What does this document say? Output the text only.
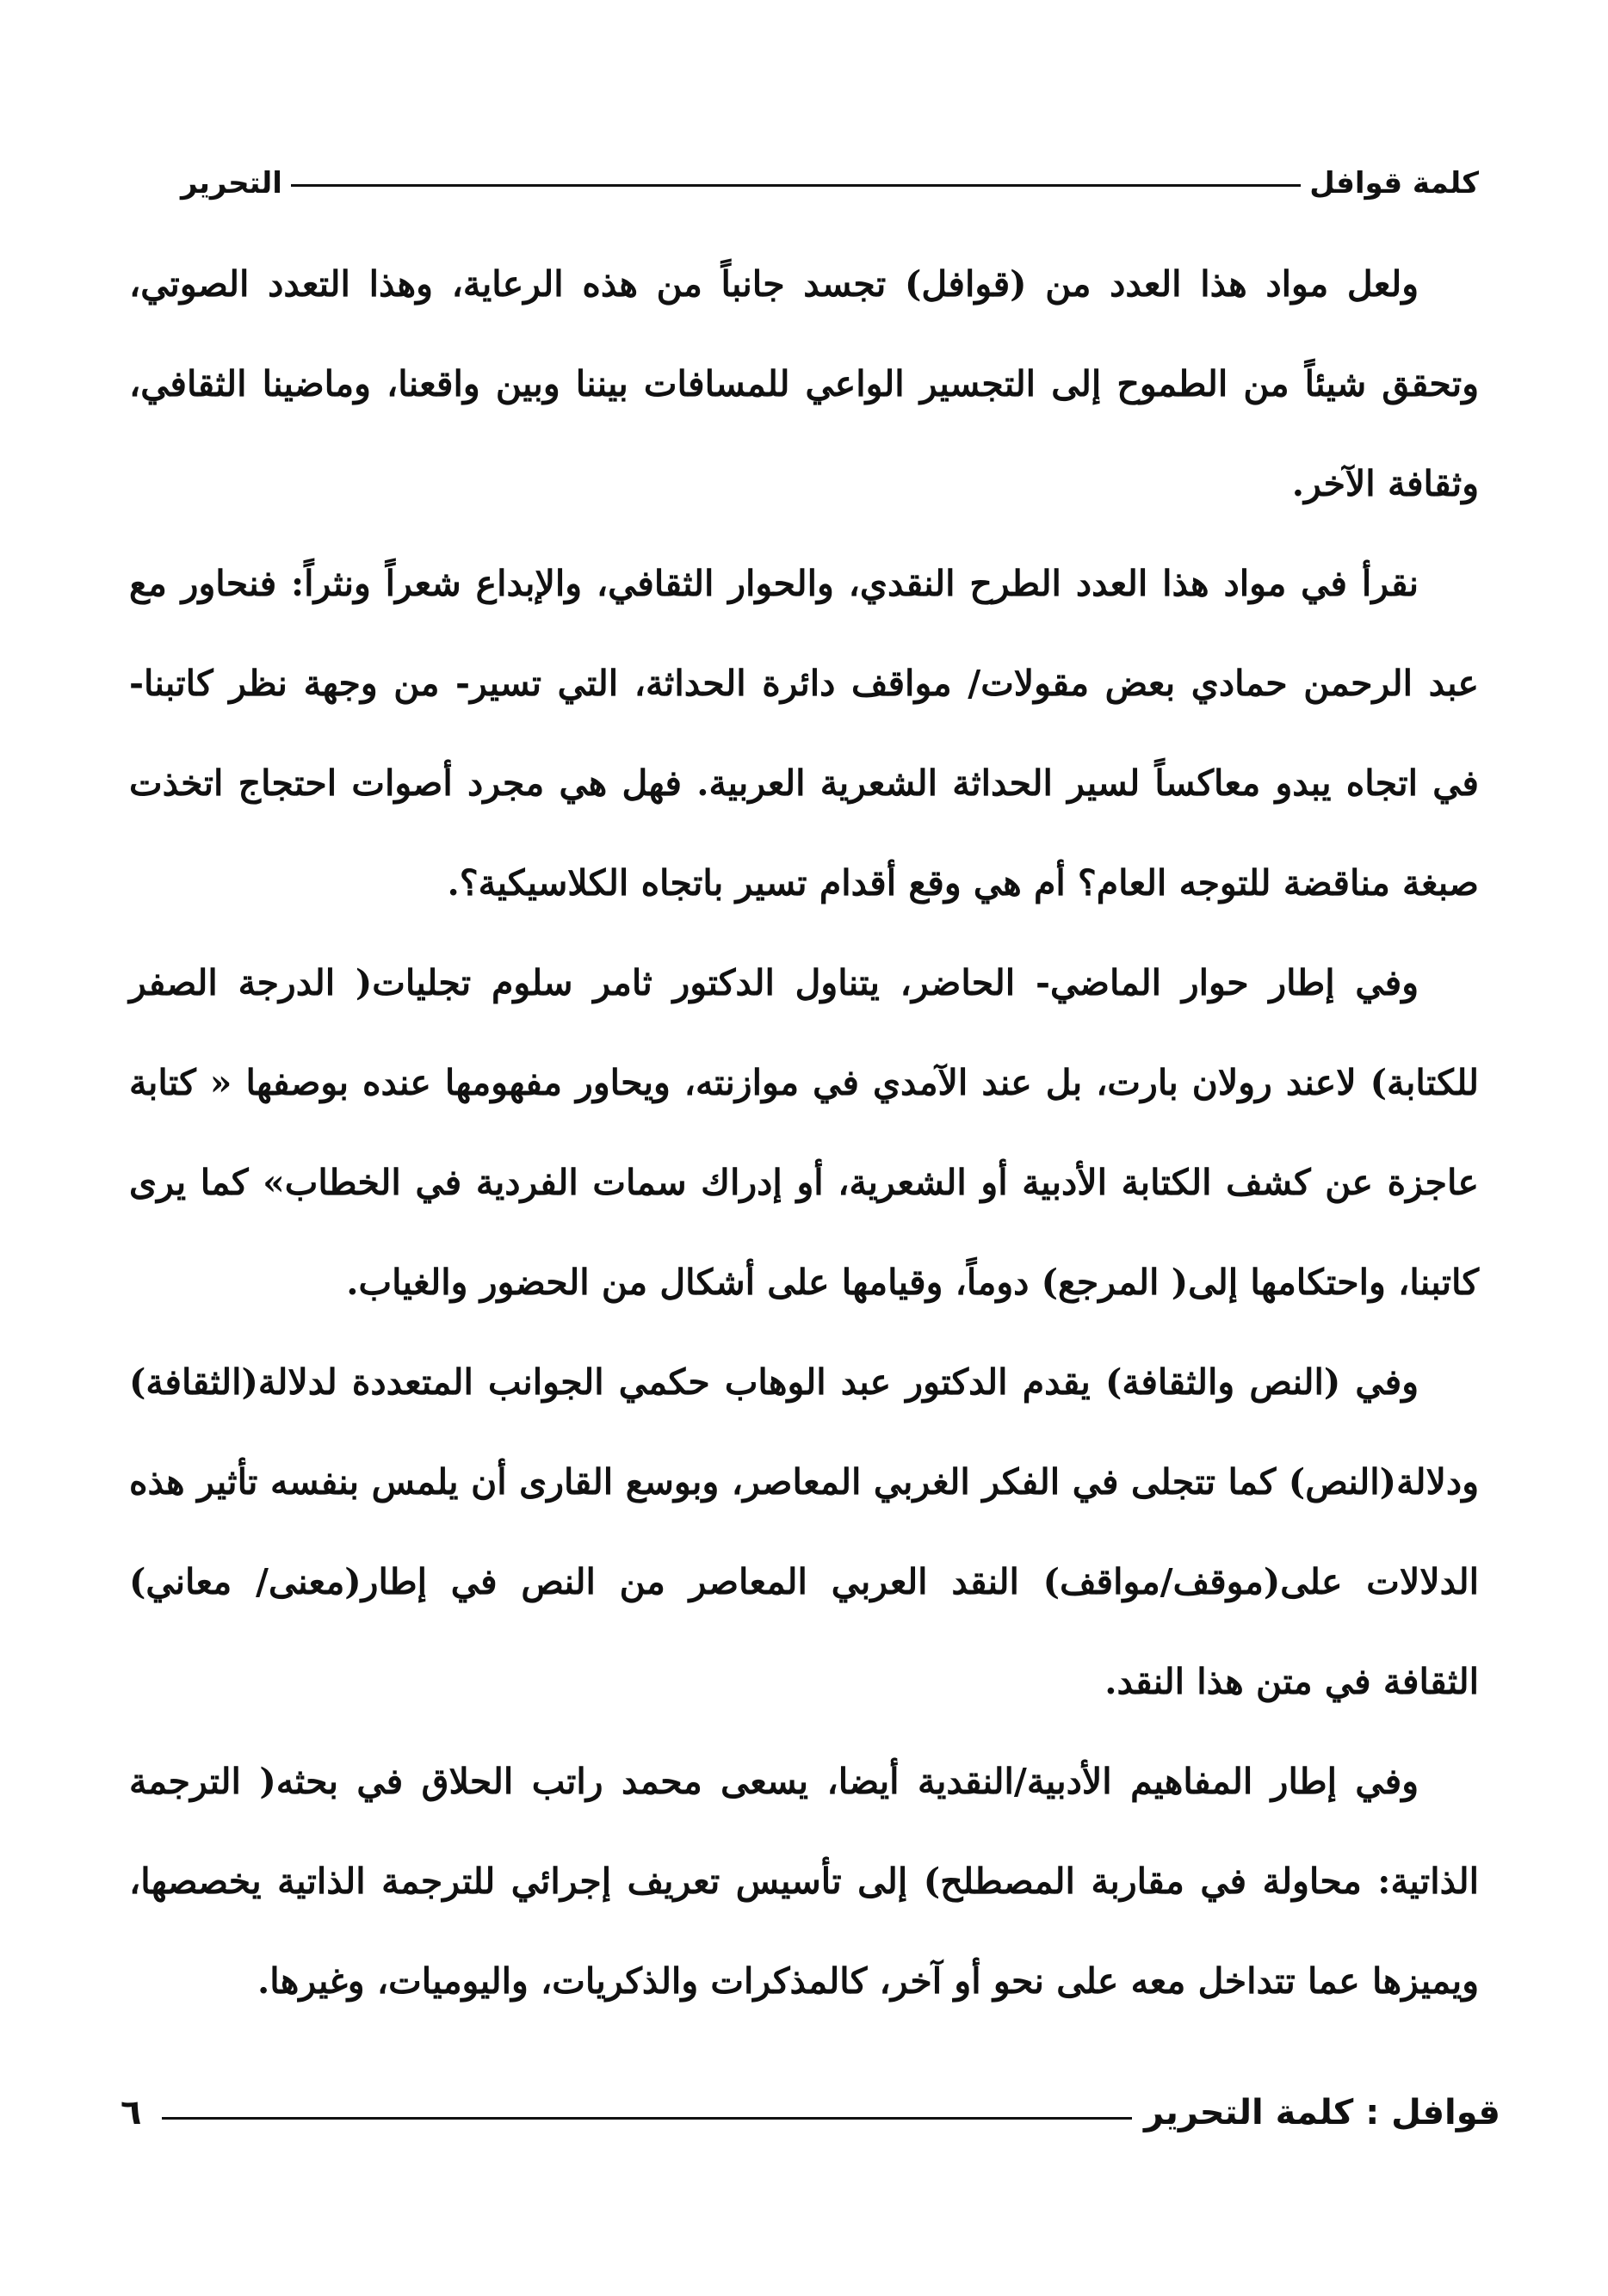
كلمة قوافل
التحرير

ولعل مواد هذا العدد من (قوافل) تجسد جانباً من هذه الرعاية، وهذا التعدد الصوتي، وتحقق شيئاً من الطموح إلى التجسير الواعي للمسافات بيننا وبين واقعنا، وماضينا الثقافي، وثقافة الآخر.

نقرأ في مواد هذا العدد الطرح النقدي، والحوار الثقافي، والإبداع شعراً ونثراً: فنحاور مع عبد الرحمن حمادي بعض مقولات/ مواقف دائرة الحداثة، التي تسير- من وجهة نظر كاتبنا- في اتجاه يبدو معاكساً لسير الحداثة الشعرية العربية. فهل هي مجرد أصوات احتجاج اتخذت صبغة مناقضة للتوجه العام؟ أم هي وقع أقدام تسير باتجاه الكلاسيكية؟.

وفي إطار حوار الماضي- الحاضر، يتناول الدكتور ثامر سلوم تجليات( الدرجة الصفر للكتابة) لاعند رولان بارت، بل عند الآمدي في موازنته، ويحاور مفهومها عنده بوصفها « كتابة عاجزة عن كشف الكتابة الأدبية أو الشعرية، أو إدراك سمات الفردية في الخطاب» كما يرى كاتبنا، واحتكامها إلى( المرجع) دوماً، وقيامها على أشكال من الحضور والغياب.

وفي (النص والثقافة) يقدم الدكتور عبد الوهاب حكمي الجوانب المتعددة لدلالة(الثقافة) ودلالة(النص) كما تتجلى في الفكر الغربي المعاصر، وبوسع القارى أن يلمس بنفسه تأثير هذه الدلالات على(موقف/مواقف) النقد العربي المعاصر من النص في إطار(معنى/ معاني) الثقافة في متن هذا النقد.

وفي إطار المفاهيم الأدبية/النقدية أيضا، يسعى محمد راتب الحلاق في بحثه( الترجمة الذاتية: محاولة في مقاربة المصطلح) إلى تأسيس تعريف إجرائي للترجمة الذاتية يخصصها، ويميزها عما تتداخل معه على نحو أو آخر، كالمذكرات والذكريات، واليوميات، وغيرها.

قوافل : كلمة التحرير
٦
